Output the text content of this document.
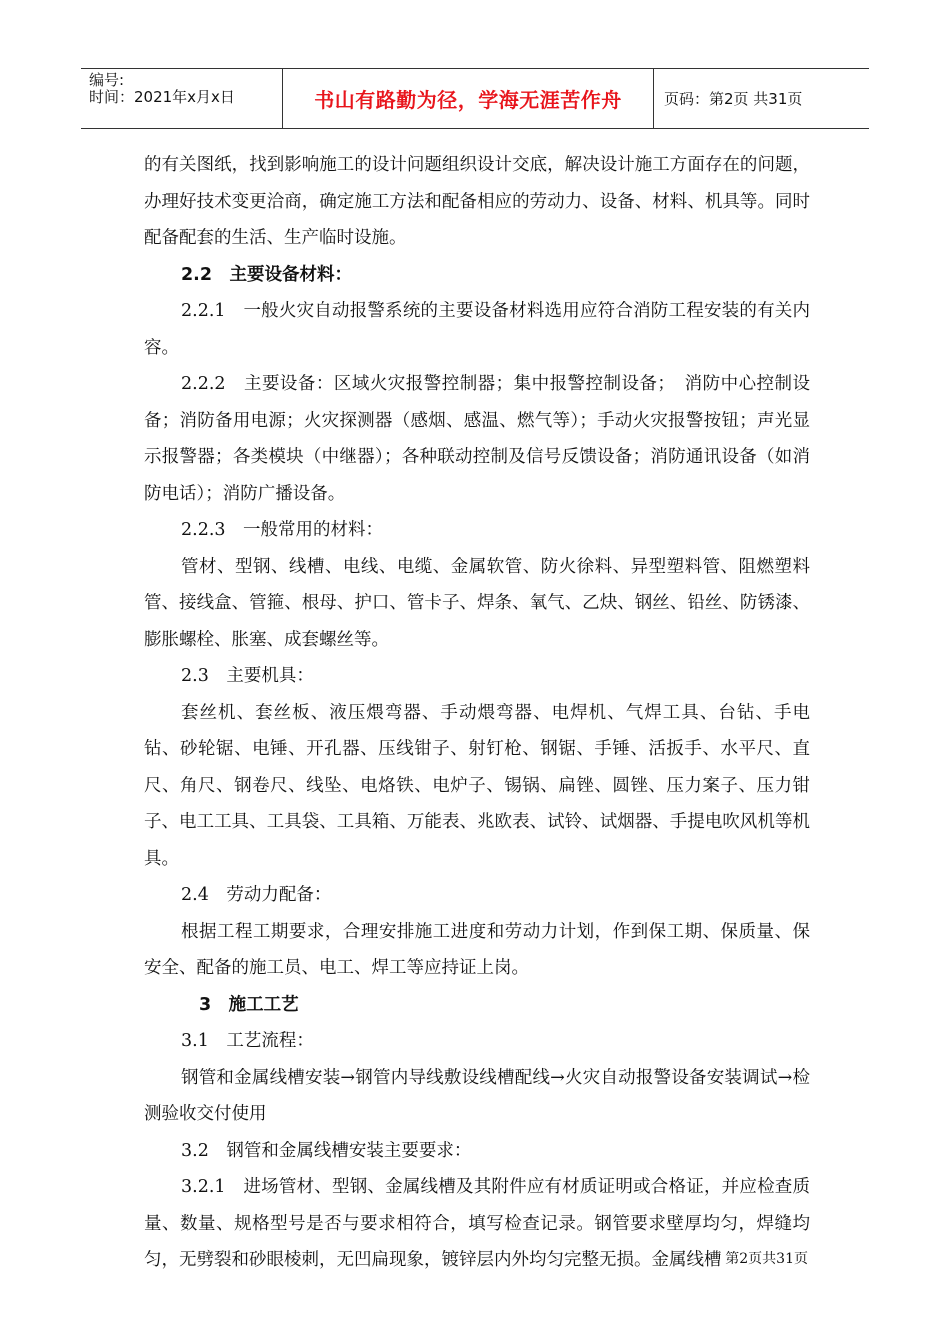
编号:
时间：2021年x月x日	书山有路勤为径，学海无涯苦作舟	页码：第2页 共31页

的有关图纸，找到影响施工的设计问题组织设计交底，解决设计施工方面存在的问题，办理好技术变更洽商，确定施工方法和配备相应的劳动力、设备、材料、机具等。同时配备配套的生活、生产临时设施。

2.2　主要设备材料：

2.2.1　一般火灾自动报警系统的主要设备材料选用应符合消防工程安装的有关内容。

2.2.2　主要设备：区域火灾报警控制器；集中报警控制设备；　消防中心控制设备；消防备用电源；火灾探测器（感烟、感温、燃气等）；手动火灾报警按钮；声光显示报警器；各类模块（中继器）；各种联动控制及信号反馈设备；消防通讯设备（如消防电话）；消防广播设备。

2.2.3　一般常用的材料：

管材、型钢、线槽、电线、电缆、金属软管、防火徐料、异型塑料管、阻燃塑料管、接线盒、管箍、根母、护口、管卡子、焊条、氧气、乙炔、钢丝、铅丝、防锈漆、膨胀螺栓、胀塞、成套螺丝等。

2.3　主要机具：

套丝机、套丝板、液压煨弯器、手动煨弯器、电焊机、气焊工具、台钻、手电钻、砂轮锯、电锤、开孔器、压线钳子、射钉枪、钢锯、手锤、活扳手、水平尺、直尺、角尺、钢卷尺、线坠、电烙铁、电炉子、锡锅、扁锉、圆锉、压力案子、压力钳子、电工工具、工具袋、工具箱、万能表、兆欧表、试铃、试烟器、手提电吹风机等机具。

2.4　劳动力配备：

根据工程工期要求，合理安排施工进度和劳动力计划，作到保工期、保质量、保安全、配备的施工员、电工、焊工等应持证上岗。

3　施工工艺

3.1　工艺流程：

钢管和金属线槽安装→钢管内导线敷设线槽配线→火灾自动报警设备安装调试→检测验收交付使用

3.2　钢管和金属线槽安装主要要求：

3.2.1　进场管材、型钢、金属线槽及其附件应有材质证明或合格证，并应检查质量、数量、规格型号是否与要求相符合，填写检查记录。钢管要求壁厚均匀，焊缝均匀，无劈裂和砂眼棱刺，无凹扁现象，镀锌层内外均匀完整无损。金属线槽 第2页共31页
